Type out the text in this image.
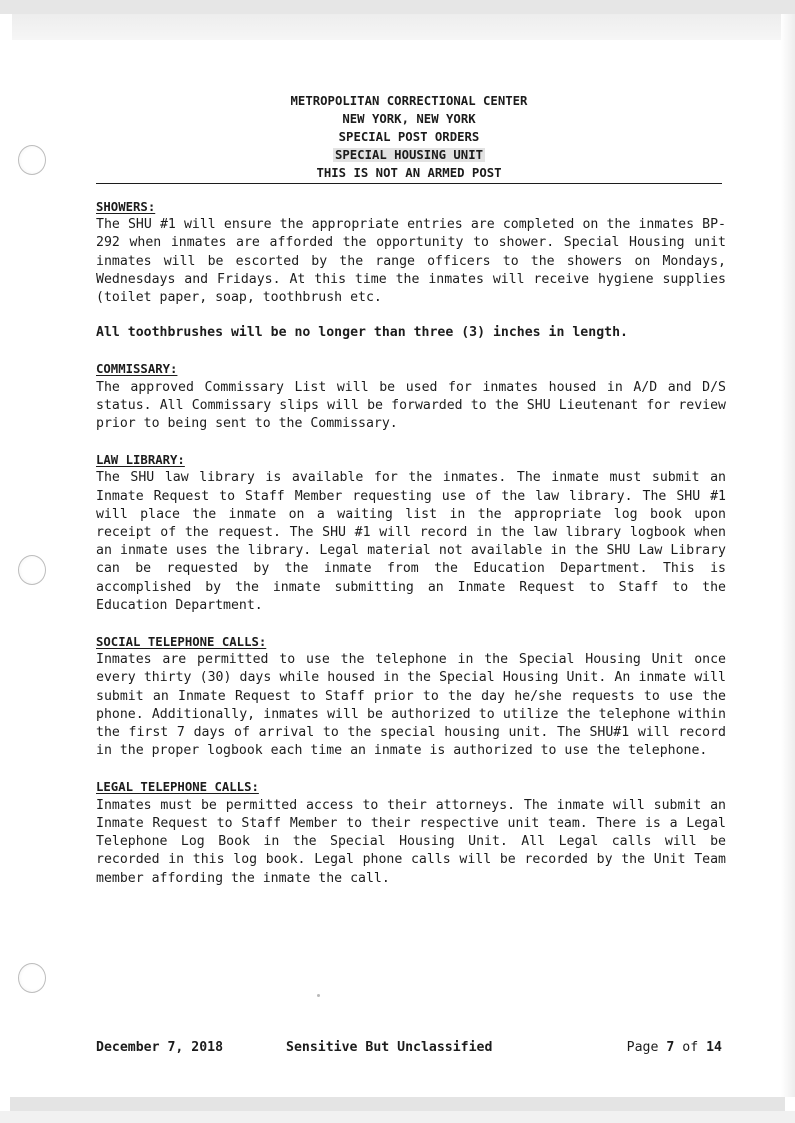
METROPOLITAN CORRECTIONAL CENTER
NEW YORK, NEW YORK
SPECIAL POST ORDERS
SPECIAL HOUSING UNIT
THIS IS NOT AN ARMED POST
SHOWERS:

The SHU #1 will ensure the appropriate entries are completed on the inmates BP-292 when inmates are afforded the opportunity to shower. Special Housing unit inmates will be escorted by the range officers to the showers on Mondays, Wednesdays and Fridays. At this time the inmates will receive hygiene supplies (toilet paper, soap, toothbrush etc.

All toothbrushes will be no longer than three (3) inches in length.

COMMISSARY:

The approved Commissary List will be used for inmates housed in A/D and D/S status. All Commissary slips will be forwarded to the SHU Lieutenant for review prior to being sent to the Commissary.

LAW LIBRARY:

The SHU law library is available for the inmates. The inmate must submit an Inmate Request to Staff Member requesting use of the law library. The SHU #1 will place the inmate on a waiting list in the appropriate log book upon receipt of the request. The SHU #1 will record in the law library logbook when an inmate uses the library. Legal material not available in the SHU Law Library can be requested by the inmate from the Education Department. This is accomplished by the inmate submitting an Inmate Request to Staff to the Education Department.

SOCIAL TELEPHONE CALLS:

Inmates are permitted to use the telephone in the Special Housing Unit once every thirty (30) days while housed in the Special Housing Unit. An inmate will submit an Inmate Request to Staff prior to the day he/she requests to use the phone. Additionally, inmates will be authorized to utilize the telephone within the first 7 days of arrival to the special housing unit. The SHU#1 will record in the proper logbook each time an inmate is authorized to use the telephone.

LEGAL TELEPHONE CALLS:

Inmates must be permitted access to their attorneys. The inmate will submit an Inmate Request to Staff Member to their respective unit team. There is a Legal Telephone Log Book in the Special Housing Unit. All Legal calls will be recorded in this log book. Legal phone calls will be recorded by the Unit Team member affording the inmate the call.

December 7, 2018	Sensitive But Unclassified	Page 7 of 14
